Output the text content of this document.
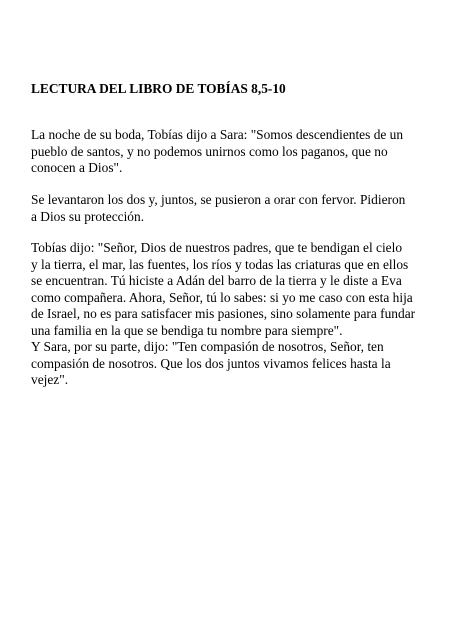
LECTURA DEL LIBRO DE TOBÍAS 8,5-10

La noche de su boda, Tobías dijo a Sara: "Somos descendientes de un
pueblo de santos, y no podemos unirnos como los paganos, que no
conocen a Dios".

Se levantaron los dos y, juntos, se pusieron a orar con fervor. Pidieron
a Dios su protección.

Tobías dijo: "Señor, Dios de nuestros padres, que te bendigan el cielo
y la tierra, el mar, las fuentes, los ríos y todas las criaturas que en ellos
se encuentran. Tú hiciste a Adán del barro de la tierra y le diste a Eva
como compañera. Ahora, Señor, tú lo sabes: si yo me caso con esta hija
de Israel, no es para satisfacer mis pasiones, sino solamente para fundar
una familia en la que se bendiga tu nombre para siempre".

Y Sara, por su parte, dijo: "Ten compasión de nosotros, Señor, ten
compasión de nosotros. Que los dos juntos vivamos felices hasta la
vejez".
